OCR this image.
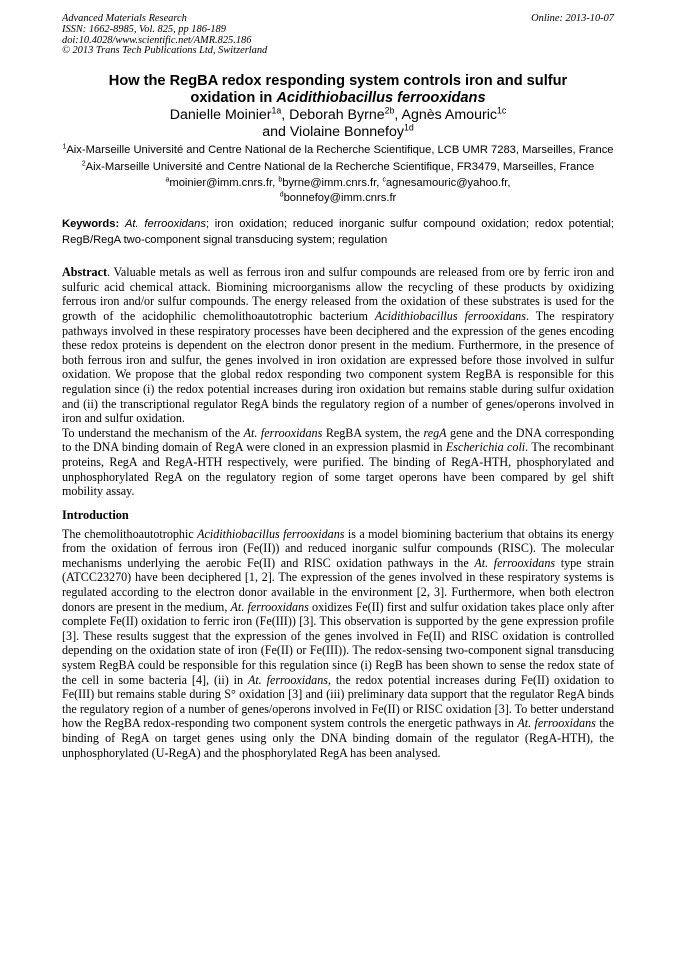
Advanced Materials Research
ISSN: 1662-8985, Vol. 825, pp 186-189
doi:10.4028/www.scientific.net/AMR.825.186
© 2013 Trans Tech Publications Ltd, Switzerland
Online: 2013-10-07
How the RegBA redox responding system controls iron and sulfur
oxidation in Acidithiobacillus ferrooxidans
Danielle Moinier$^{1a}$, Deborah Byrne$^{2b}$, Agnès Amouric$^{1c}$
and Violaine Bonnefoy$^{1d}$
$^1$Aix-Marseille Université and Centre National de la Recherche Scientifique, LCB UMR 7283, Marseilles, France
$^2$Aix-Marseille Université and Centre National de la Recherche Scientifique, FR3479, Marseilles, France
$^a$moinier@imm.cnrs.fr, $^b$byrne@imm.cnrs.fr, $^c$agnesamouric@yahoo.fr,
$^d$bonnefoy@imm.cnrs.fr
Keywords: At. ferrooxidans; iron oxidation; reduced inorganic sulfur compound oxidation; redox potential; RegB/RegA two-component signal transducing system; regulation

Abstract. Valuable metals as well as ferrous iron and sulfur compounds are released from ore by ferric iron and sulfuric acid chemical attack. Biomining microorganisms allow the recycling of these products by oxidizing ferrous iron and/or sulfur compounds. The energy released from the oxidation of these substrates is used for the growth of the acidophilic chemolithoautotrophic bacterium Acidithiobacillus ferrooxidans. The respiratory pathways involved in these respiratory processes have been deciphered and the expression of the genes encoding these redox proteins is dependent on the electron donor present in the medium. Furthermore, in the presence of both ferrous iron and sulfur, the genes involved in iron oxidation are expressed before those involved in sulfur oxidation. We propose that the global redox responding two component system RegBA is responsible for this regulation since (i) the redox potential increases during iron oxidation but remains stable during sulfur oxidation and (ii) the transcriptional regulator RegA binds the regulatory region of a number of genes/operons involved in iron and sulfur oxidation.

To understand the mechanism of the At. ferrooxidans RegBA system, the regA gene and the DNA corresponding to the DNA binding domain of RegA were cloned in an expression plasmid in Escherichia coli. The recombinant proteins, RegA and RegA-HTH respectively, were purified. The binding of RegA-HTH, phosphorylated and unphosphorylated RegA on the regulatory region of some target operons have been compared by gel shift mobility assay.

Introduction

The chemolithoautotrophic Acidithiobacillus ferrooxidans is a model biomining bacterium that obtains its energy from the oxidation of ferrous iron (Fe(II)) and reduced inorganic sulfur compounds (RISC). The molecular mechanisms underlying the aerobic Fe(II) and RISC oxidation pathways in the At. ferrooxidans type strain (ATCC23270) have been deciphered [1, 2]. The expression of the genes involved in these respiratory systems is regulated according to the electron donor available in the environment [2, 3]. Furthermore, when both electron donors are present in the medium, At. ferrooxidans oxidizes Fe(II) first and sulfur oxidation takes place only after complete Fe(II) oxidation to ferric iron (Fe(III)) [3]. This observation is supported by the gene expression profile [3]. These results suggest that the expression of the genes involved in Fe(II) and RISC oxidation is controlled depending on the oxidation state of iron (Fe(II) or Fe(III)). The redox-sensing two-component signal transducing system RegBA could be responsible for this regulation since (i) RegB has been shown to sense the redox state of the cell in some bacteria [4], (ii) in At. ferrooxidans, the redox potential increases during Fe(II) oxidation to Fe(III) but remains stable during S° oxidation [3] and (iii) preliminary data support that the regulator RegA binds the regulatory region of a number of genes/operons involved in Fe(II) or RISC oxidation [3]. To better understand how the RegBA redox-responding two component system controls the energetic pathways in At. ferrooxidans the binding of RegA on target genes using only the DNA binding domain of the regulator (RegA-HTH), the unphosphorylated (U-RegA) and the phosphorylated RegA has been analysed.
